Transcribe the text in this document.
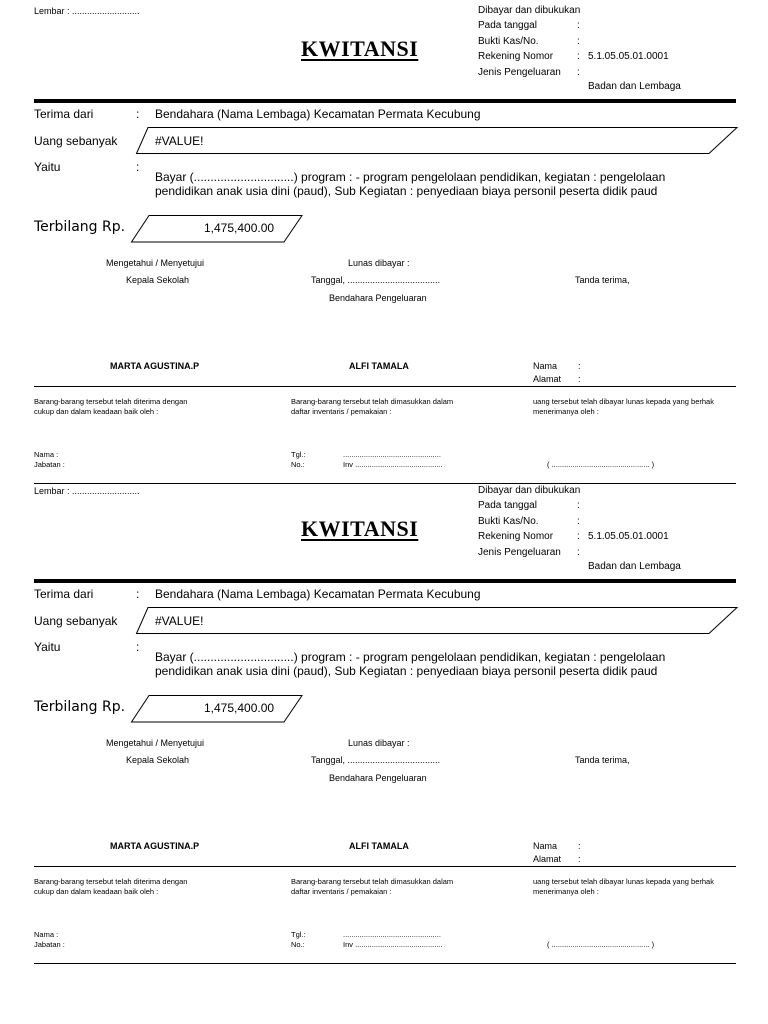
Lembar : ...........................	Dibayar dan dibukukan
Pada tanggal	:
Bukti Kas/No.	:
Rekening Nomor : 5.1.05.05.01.0001
Jenis Pengeluaran :
Badan dan Lembaga
KWITANSI
Terima dari	: Bendahara (Nama Lembaga) Kecamatan Permata Kecubung
Uang sebanyak	#VALUE!
Yaitu	:
Bayar (..............................) program : - program pengelolaan pendidikan, kegiatan : pengelolaan pendidikan anak usia dini (paud), Sub Kegiatan : penyediaan biaya personil peserta didik paud
Terbilang Rp.	1,475,400.00
Mengetahui / Menyetujui
Kepala Sekolah
Lunas dibayar :
Tanggal, .....................................
Bendahara Pengeluaran
Tanda terima,
MARTA AGUSTINA.P	ALFI TAMALA	Nama :
Alamat :
Barang-barang tersebut telah diterima dengan cukup dan dalam keadaan baik oleh :
Barang-barang tersebut telah dimasukkan dalam daftar inventaris / pemakaian :
uang tersebut telah dibayar lunas kepada yang berhak menerimanya oleh :
Nama :
Jabatan :
Tgl.:	...............................................
No.:	Inv ..........................................	( ............................................... )
Lembar : ...........................	Dibayar dan dibukukan
Pada tanggal	:
Bukti Kas/No.	:
Rekening Nomor : 5.1.05.05.01.0001
Jenis Pengeluaran :
Badan dan Lembaga
KWITANSI
Terima dari	: Bendahara (Nama Lembaga) Kecamatan Permata Kecubung
Uang sebanyak	#VALUE!
Yaitu	:
Bayar (..............................) program : - program pengelolaan pendidikan, kegiatan : pengelolaan pendidikan anak usia dini (paud), Sub Kegiatan : penyediaan biaya personil peserta didik paud
Terbilang Rp.	1,475,400.00
Mengetahui / Menyetujui
Kepala Sekolah
Lunas dibayar :
Tanggal, .....................................
Bendahara Pengeluaran
Tanda terima,
MARTA AGUSTINA.P	ALFI TAMALA	Nama :
Alamat :
Barang-barang tersebut telah diterima dengan cukup dan dalam keadaan baik oleh :
Barang-barang tersebut telah dimasukkan dalam daftar inventaris / pemakaian :
uang tersebut telah dibayar lunas kepada yang berhak menerimanya oleh :
Nama :
Jabatan :
Tgl.:	...............................................
No.:	Inv ..........................................	( ............................................... )
